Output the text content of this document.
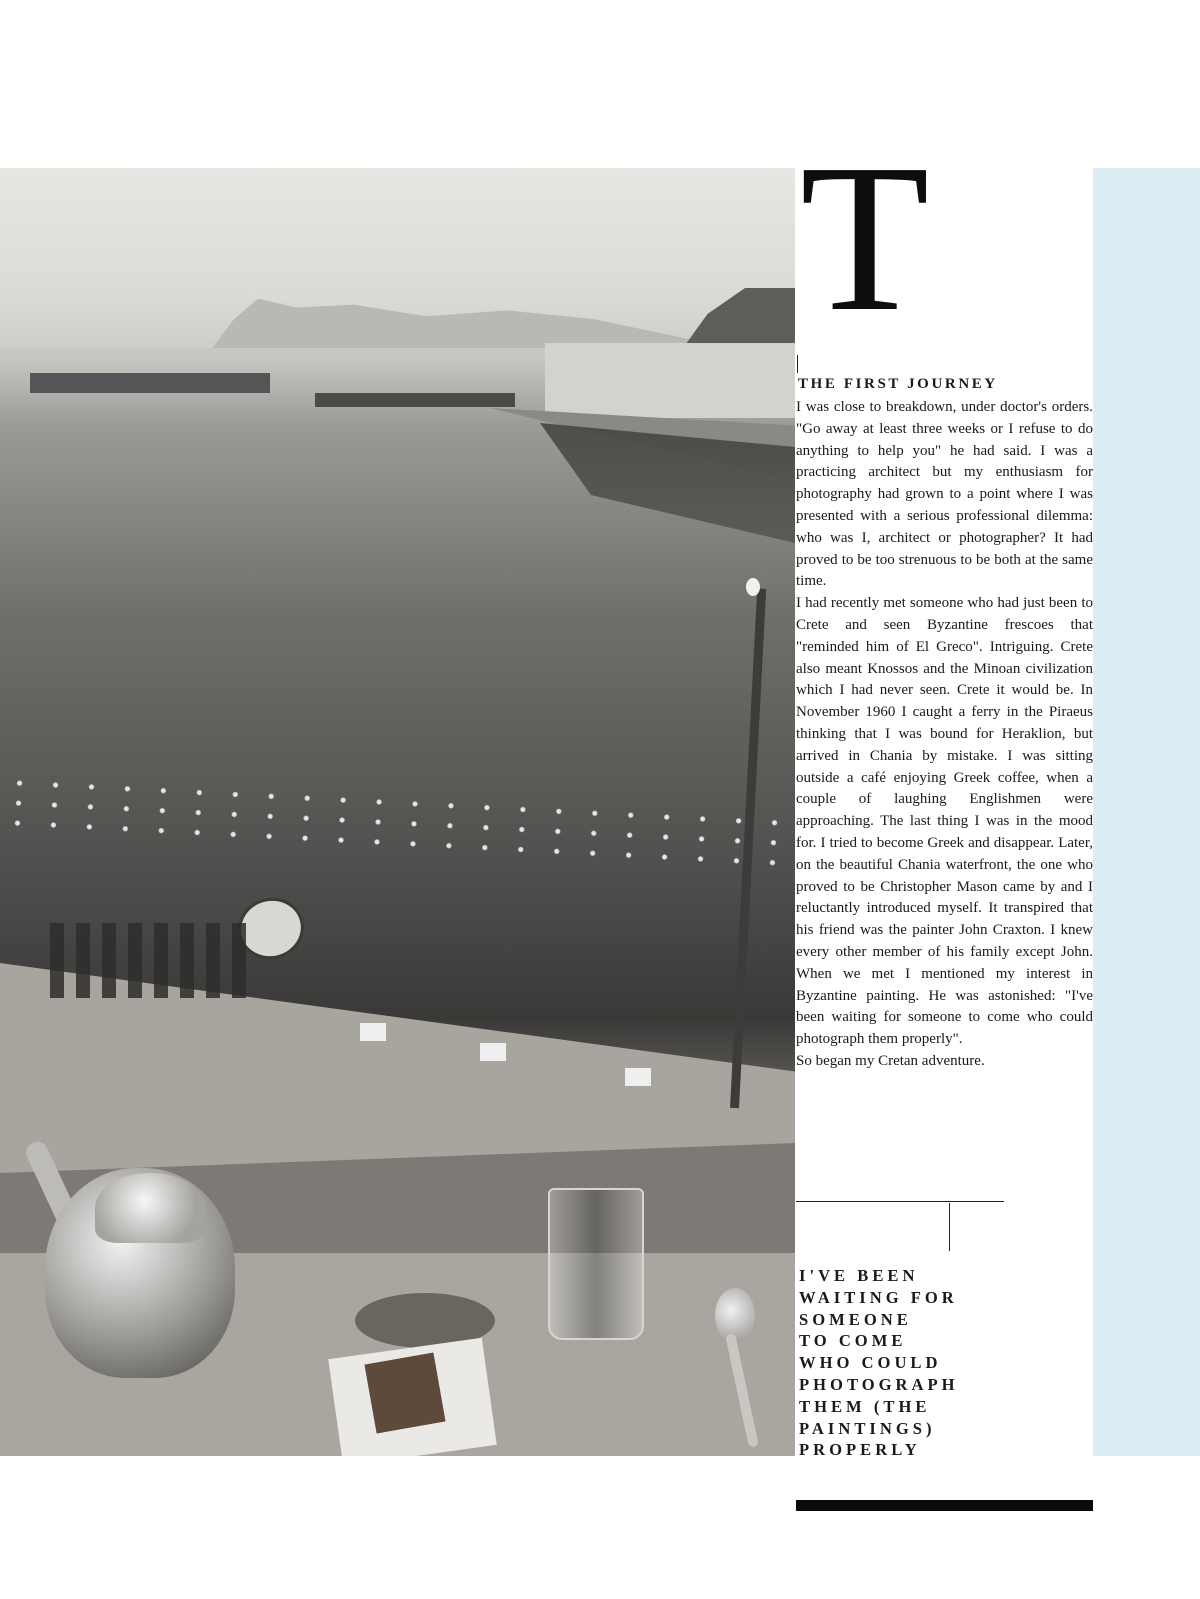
T
THE FIRST JOURNEY

I was close to breakdown, under doctor's orders. "Go away at least three weeks or I refuse to do anything to help you" he had said. I was a practicing architect but my enthusiasm for photography had grown to a point where I was presented with a serious professional dilemma: who was I, architect or photographer? It had proved to be too strenuous to be both at the same time.

I had recently met someone who had just been to Crete and seen Byzantine frescoes that "reminded him of El Greco". Intriguing. Crete also meant Knossos and the Minoan civilization which I had never seen. Crete it would be. In November 1960 I caught a ferry in the Piraeus thinking that I was bound for Heraklion, but arrived in Chania by mistake. I was sitting outside a café enjoying Greek coffee, when a couple of laughing Englishmen were approaching. The last thing I was in the mood for. I tried to become Greek and disappear. Later, on the beautiful Chania waterfront, the one who proved to be Christopher Mason came by and I reluctantly introduced myself. It transpired that his friend was the painter John Craxton. I knew every other member of his family except John. When we met I mentioned my interest in Byzantine painting. He was astonished: "I've been waiting for someone to come who could photograph them properly".

So began my Cretan adventure.

I'VE BEEN
WAITING FOR
SOMEONE
TO COME
WHO COULD
PHOTOGRAPH
THEM (THE
PAINTINGS)
PROPERLY
